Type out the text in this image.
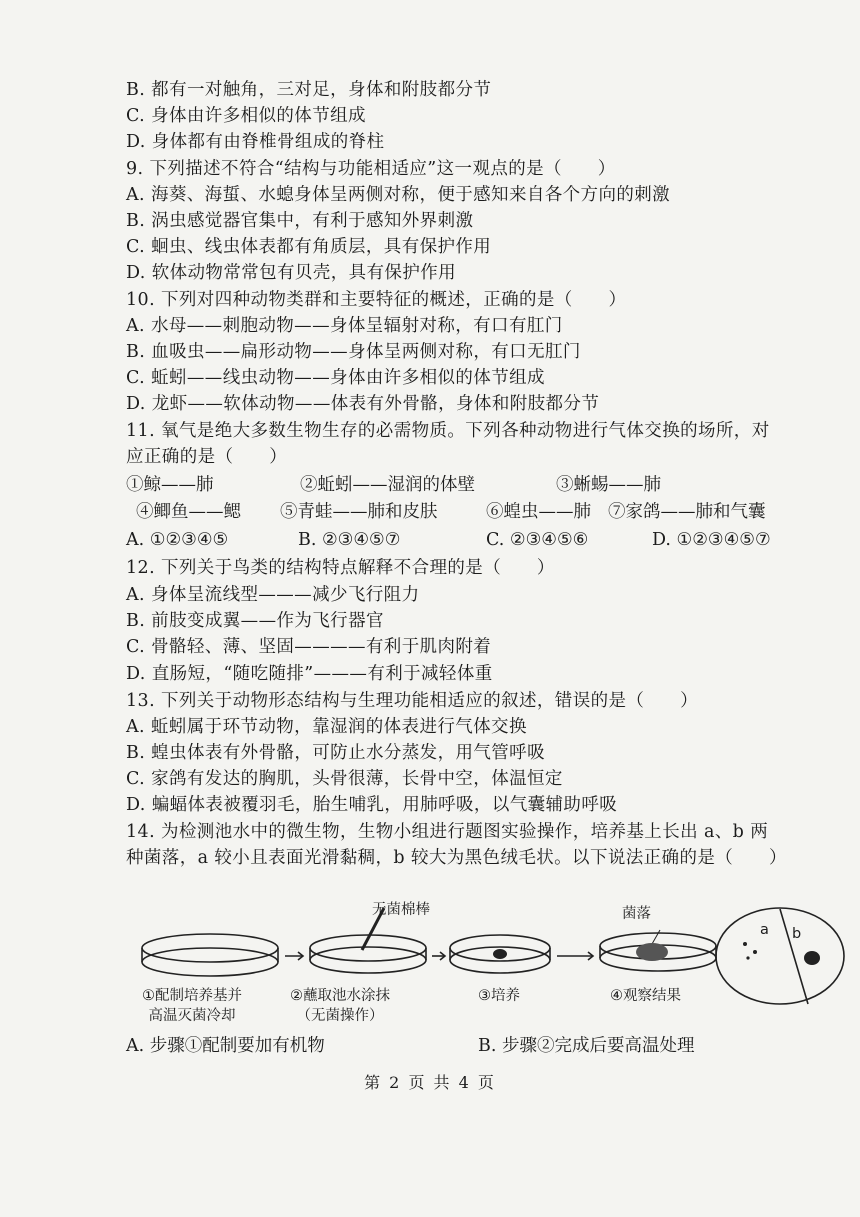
B. 都有一对触角，三对足，身体和附肢都分节
C. 身体由许多相似的体节组成
D. 身体都有由脊椎骨组成的脊柱
9. 下列描述不符合“结构与功能相适应”这一观点的是（　　）
A. 海葵、海蜇、水螅身体呈两侧对称，便于感知来自各个方向的刺激
B. 涡虫感觉器官集中，有利于感知外界刺激
C. 蛔虫、线虫体表都有角质层，具有保护作用
D. 软体动物常常包有贝壳，具有保护作用
10. 下列对四种动物类群和主要特征的概述，正确的是（　　）
A. 水母——刺胞动物——身体呈辐射对称，有口有肛门
B. 血吸虫——扁形动物——身体呈两侧对称，有口无肛门
C. 蚯蚓——线虫动物——身体由许多相似的体节组成
D. 龙虾——软体动物——体表有外骨骼，身体和附肢都分节
11. 氧气是绝大多数生物生存的必需物质。下列各种动物进行气体交换的场所，对
应正确的是（　　）
①鲸——肺	②蚯蚓——湿润的体壁	③蜥蜴——肺
④鲫鱼——鳃 ⑤青蛙——肺和皮肤	⑥蝗虫——肺 ⑦家鸽——肺和气囊
A. ①②③④⑤	B. ②③④⑤⑦	C. ②③④⑤⑥	D. ①②③④⑤⑦
12. 下列关于鸟类的结构特点解释不合理的是（　　）
A. 身体呈流线型———减少飞行阻力
B. 前肢变成翼——作为飞行器官
C. 骨骼轻、薄、坚固————有利于肌肉附着
D. 直肠短，“随吃随排”———有利于减轻体重
13. 下列关于动物形态结构与生理功能相适应的叙述，错误的是（　　）
A. 蚯蚓属于环节动物，靠湿润的体表进行气体交换
B. 蝗虫体表有外骨骼，可防止水分蒸发，用气管呼吸
C. 家鸽有发达的胸肌，头骨很薄，长骨中空，体温恒定
D. 蝙蝠体表被覆羽毛，胎生哺乳，用肺呼吸，以气囊辅助呼吸
14. 为检测池水中的微生物，生物小组进行题图实验操作，培养基上长出 a、b 两
种菌落，a 较小且表面光滑黏稠，b 较大为黑色绒毛状。以下说法正确的是（　　）
无菌棉棒	菌落
a b
①配制培养基并
高温灭菌冷却
②蘸取池水涂抹
（无菌操作）
③培养	④观察结果
A. 步骤①配制要加有机物	B. 步骤②完成后要高温处理
第 2 页 共 4 页
